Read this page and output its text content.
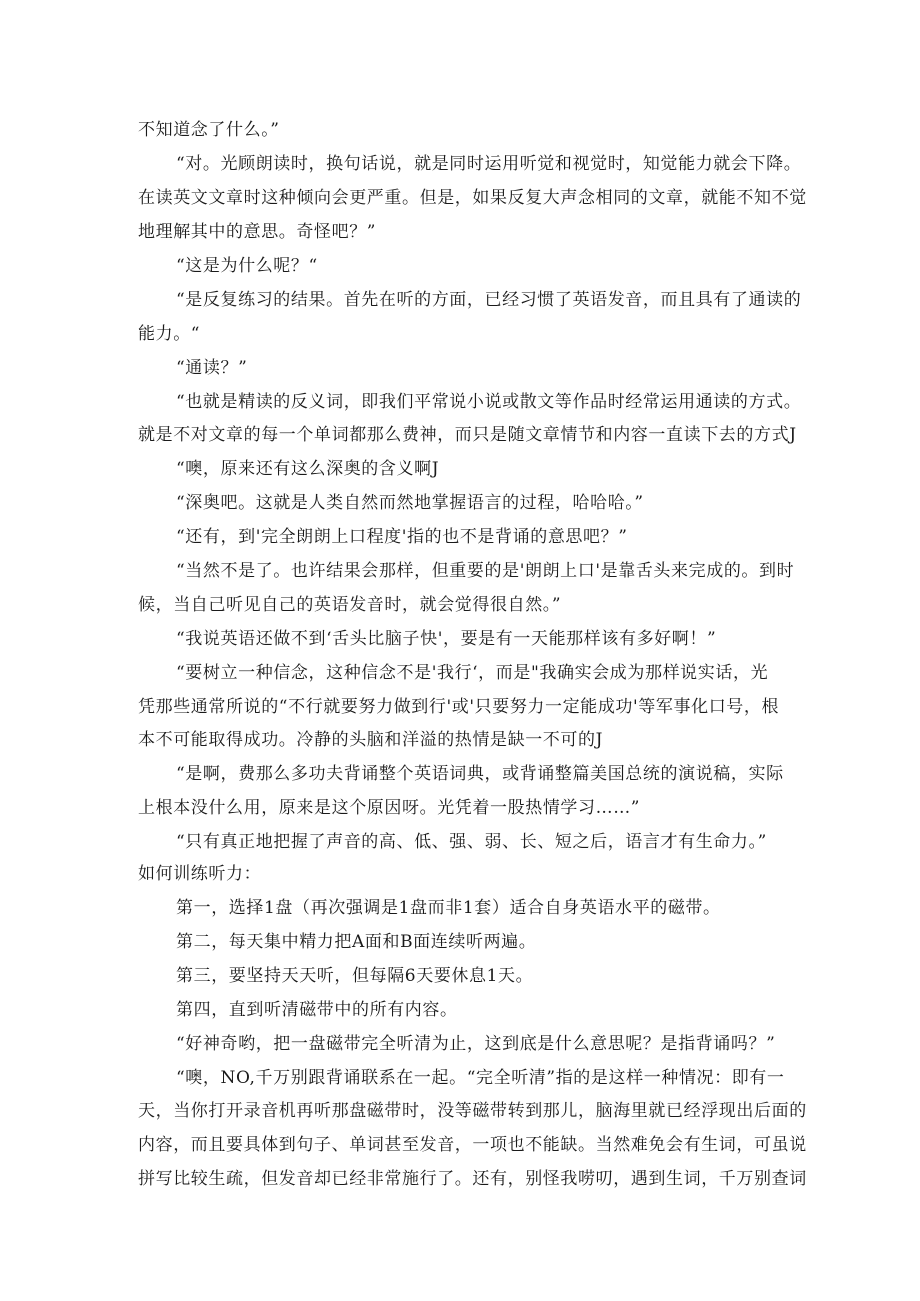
不知道念了什么。”
“对。光顾朗读时，换句话说，就是同时运用听觉和视觉时，知觉能力就会下降。
在读英文文章时这种倾向会更严重。但是，如果反复大声念相同的文章，就能不知不觉
地理解其中的意思。奇怪吧？”
“这是为什么呢？“
“是反复练习的结果。首先在听的方面，已经习惯了英语发音，而且具有了通读的
能力。“
“通读？”
“也就是精读的反义词，即我们平常说小说或散文等作品时经常运用通读的方式。
就是不对文章的每一个单词都那么费神，而只是随文章情节和内容一直读下去的方式J
“噢，原来还有这么深奥的含义啊J
“深奥吧。这就是人类自然而然地掌握语言的过程，哈哈哈。”
“还有，到'完全朗朗上口程度'指的也不是背诵的意思吧？”
“当然不是了。也许结果会那样，但重要的是'朗朗上口'是靠舌头来完成的。到时
候，当自己听见自己的英语发音时，就会觉得很自然。”
“我说英语还做不到‘舌头比脑子快'，要是有一天能那样该有多好啊！”
“要树立一种信念，这种信念不是'我行‘，而是"我确实会成为那样说实话，光
凭那些通常所说的“不行就要努力做到行'或'只要努力一定能成功'等军事化口号，根
本不可能取得成功。冷静的头脑和洋溢的热情是缺一不可的J
“是啊，费那么多功夫背诵整个英语词典，或背诵整篇美国总统的演说稿，实际
上根本没什么用，原来是这个原因呀。光凭着一股热情学习……”
“只有真正地把握了声音的高、低、强、弱、长、短之后，语言才有生命力。”
如何训练听力：
第一，选择1盘（再次强调是1盘而非1套）适合自身英语水平的磁带。
第二，每天集中精力把A面和B面连续听两遍。
第三，要坚持天天听，但每隔6天要休息1天。
第四，直到听清磁带中的所有内容。
“好神奇哟，把一盘磁带完全听清为止，这到底是什么意思呢？是指背诵吗？”
“噢，NO,千万别跟背诵联系在一起。“完全听清”指的是这样一种情况：即有一
天，当你打开录音机再听那盘磁带时，没等磁带转到那儿，脑海里就已经浮现出后面的
内容，而且要具体到句子、单词甚至发音，一项也不能缺。当然难免会有生词，可虽说
拼写比较生疏，但发音却已经非常施行了。还有，别怪我唠叨，遇到生词，千万别查词
